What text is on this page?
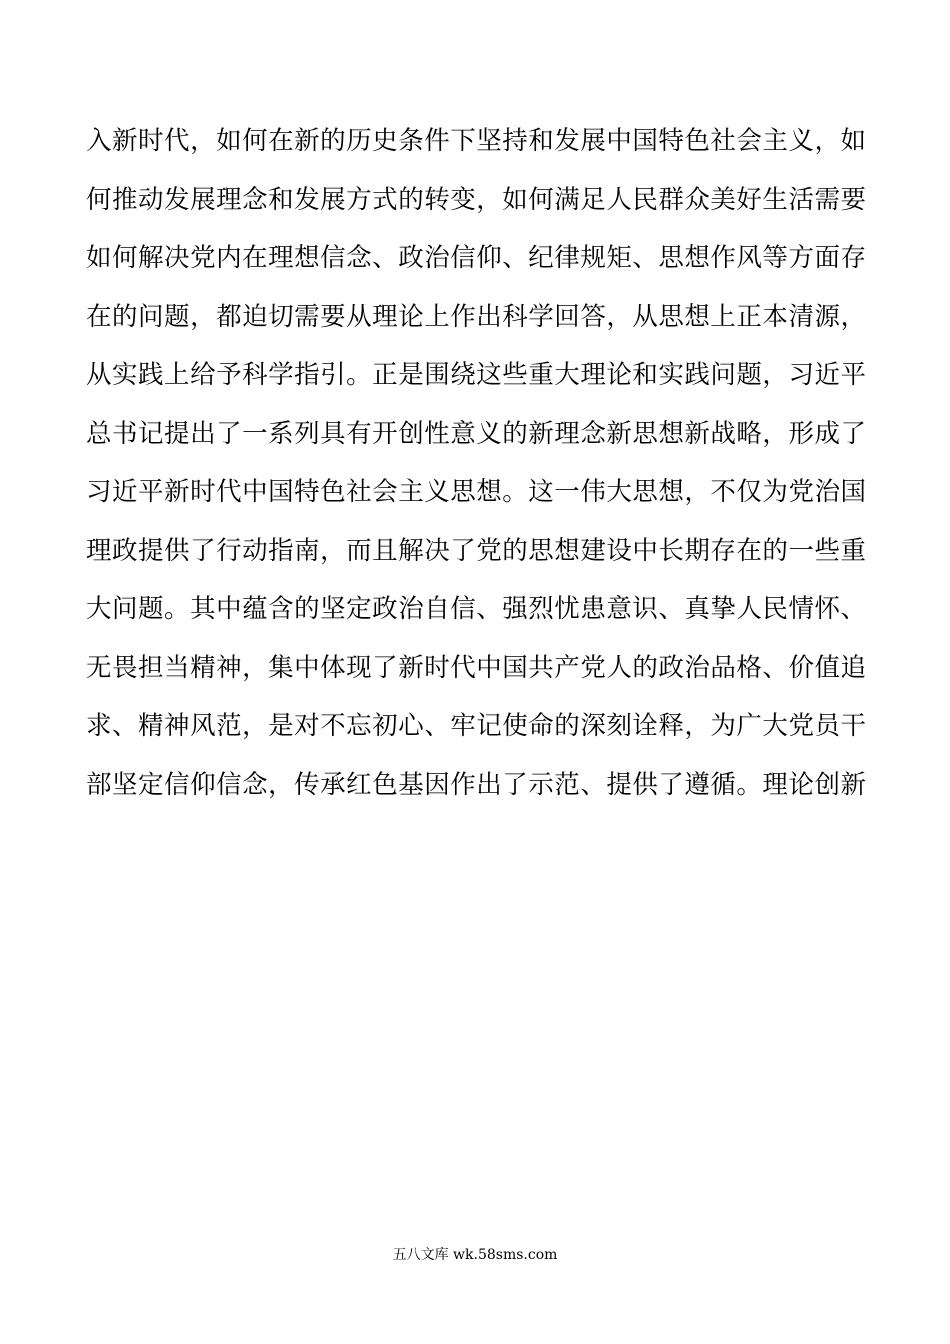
入新时代，如何在新的历史条件下坚持和发展中国特色社会主义，如
何推动发展理念和发展方式的转变，如何满足人民群众美好生活需要
如何解决党内在理想信念、政治信仰、纪律规矩、思想作风等方面存
在的问题，都迫切需要从理论上作出科学回答，从思想上正本清源，
从实践上给予科学指引。正是围绕这些重大理论和实践问题，习近平
总书记提出了一系列具有开创性意义的新理念新思想新战略，形成了
习近平新时代中国特色社会主义思想。这一伟大思想，不仅为党治国
理政提供了行动指南，而且解决了党的思想建设中长期存在的一些重
大问题。其中蕴含的坚定政治自信、强烈忧患意识、真挚人民情怀、
无畏担当精神，集中体现了新时代中国共产党人的政治品格、价值追
求、精神风范，是对不忘初心、牢记使命的深刻诠释，为广大党员干
部坚定信仰信念，传承红色基因作出了示范、提供了遵循。理论创新
五八文库 wk.58sms.com
